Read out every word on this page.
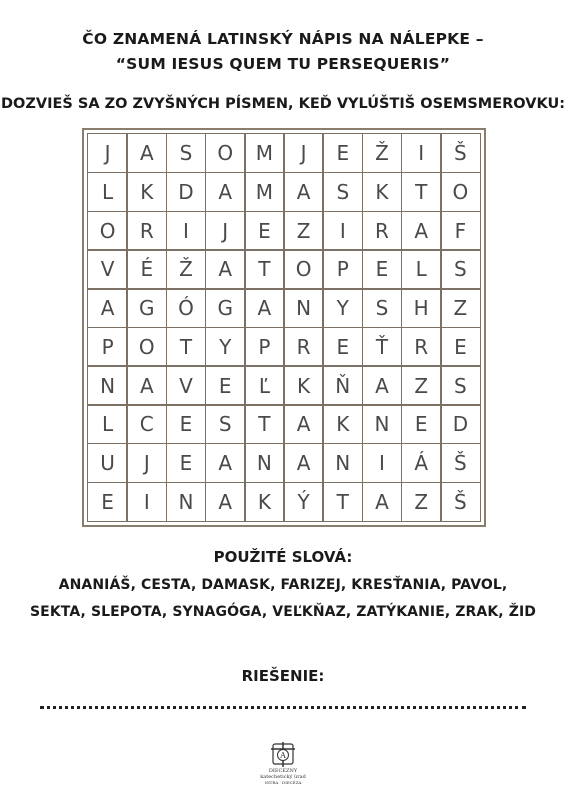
ČO ZNAMENÁ LATINSKÝ NÁPIS NA NÁLEPKE –
“SUM IESUS QUEM TU PERSEQUERIS”
DOZVIEŠ SA ZO ZVYŠNÝCH PÍSMEN, KEĎ VYLÚŠTIŠ OSEMSMEROVKU:
J	A	S	O	M	J	E	Ž	I	Š
L	K	D	A	M	A	S	K	T	O
O	R	I	J	E	Z	I	R	A	F
V	É	Ž	A	T	O	P	E	L	S
A	G	Ó	G	A	N	Y	S	H	Z
P	O	T	Y	P	R	E	Ť	R	E
N	A	V	E	Ľ	K	Ň	A	Z	S
L	C	E	S	T	A	K	N	E	D
U	J	E	A	N	A	N	I	Á	Š
E	I	N	A	K	Ý	T	A	Z	Š
POUŽITÉ SLOVÁ:
ANANIÁŠ, CESTA, DAMASK, FARIZEJ, KRESŤANIA, PAVOL,
SEKTA, SLEPOTA, SYNAGÓGA, VEĽKŇAZ, ZATÝKANIE, ZRAK, ŽID
RIEŠENIE:
A
DIECÉZNY
katechetický úrad
NITRA · DIECÉZA
